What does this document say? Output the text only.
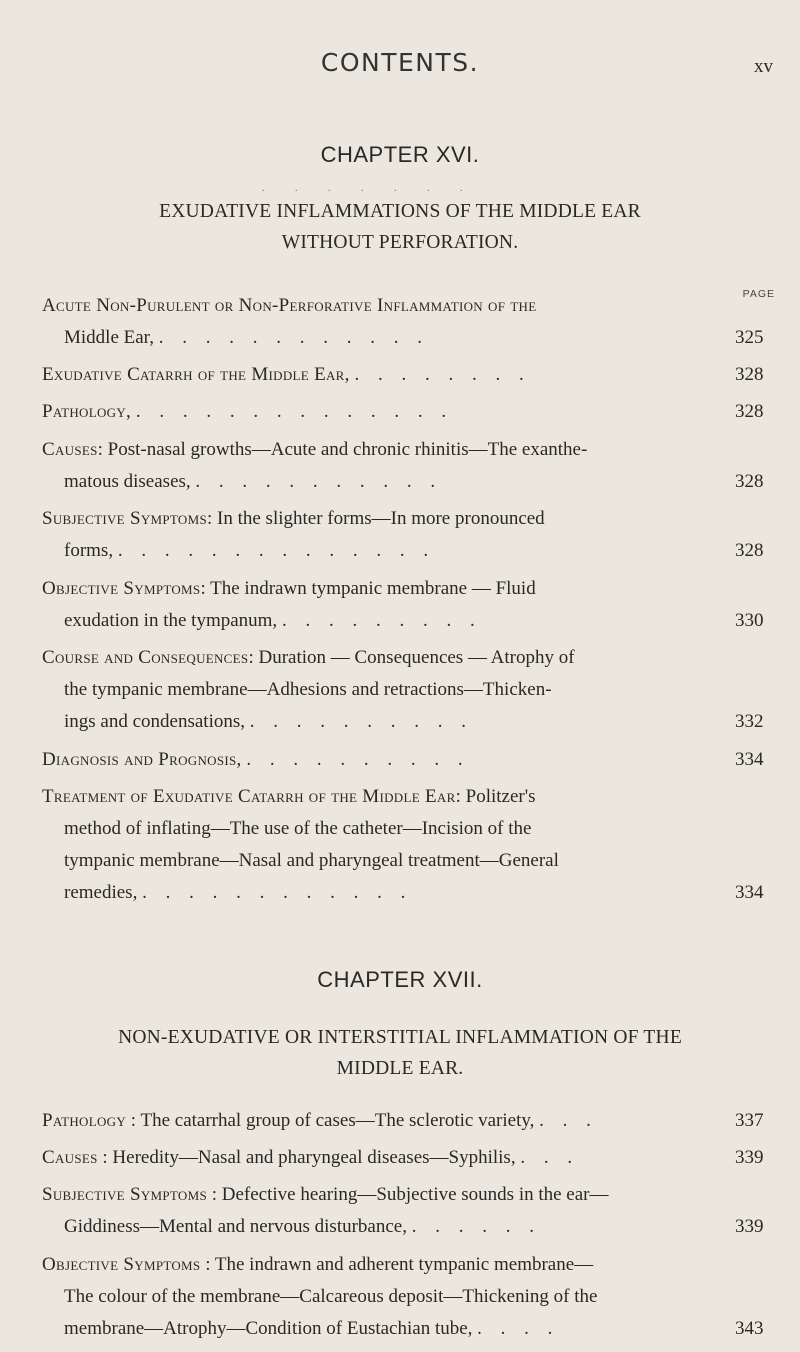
CONTENTS.	xv
CHAPTER XVI.
. . . . . . .
EXUDATIVE INFLAMMATIONS OF THE MIDDLE EAR
WITHOUT PERFORATION.
PAGE
Acute Non-Purulent or Non-Perforative Inflammation of the
Middle Ear, . . . . . . . . . . . .	325
Exudative Catarrh of the Middle Ear, . . . . . . . .	328
Pathology, . . . . . . . . . . . . . .	328
Causes: Post-nasal growths—Acute and chronic rhinitis—The exanthe-
matous diseases, . . . . . . . . . . .	328
Subjective Symptoms: In the slighter forms—In more pronounced
forms, . . . . . . . . . . . . . .	328
Objective Symptoms: The indrawn tympanic membrane — Fluid
exudation in the tympanum, . . . . . . . . .	330
Course and Consequences: Duration — Consequences — Atrophy of
the tympanic membrane—Adhesions and retractions—Thicken-
ings and condensations, . . . . . . . . . .	332
Diagnosis and Prognosis, . . . . . . . . . .	334
Treatment of Exudative Catarrh of the Middle Ear: Politzer's
method of inflating—The use of the catheter—Incision of the
tympanic membrane—Nasal and pharyngeal treatment—General
remedies, . . . . . . . . . . . .	334
CHAPTER XVII.
NON-EXUDATIVE OR INTERSTITIAL INFLAMMATION OF THE
MIDDLE EAR.
Pathology : The catarrhal group of cases—The sclerotic variety, . . .	337
Causes : Heredity—Nasal and pharyngeal diseases—Syphilis, . . .	339
Subjective Symptoms : Defective hearing—Subjective sounds in the ear—
Giddiness—Mental and nervous disturbance, . . . . . .	339
Objective Symptoms : The indrawn and adherent tympanic membrane—
The colour of the membrane—Calcareous deposit—Thickening of the
membrane—Atrophy—Condition of Eustachian tube, . . . .	343
